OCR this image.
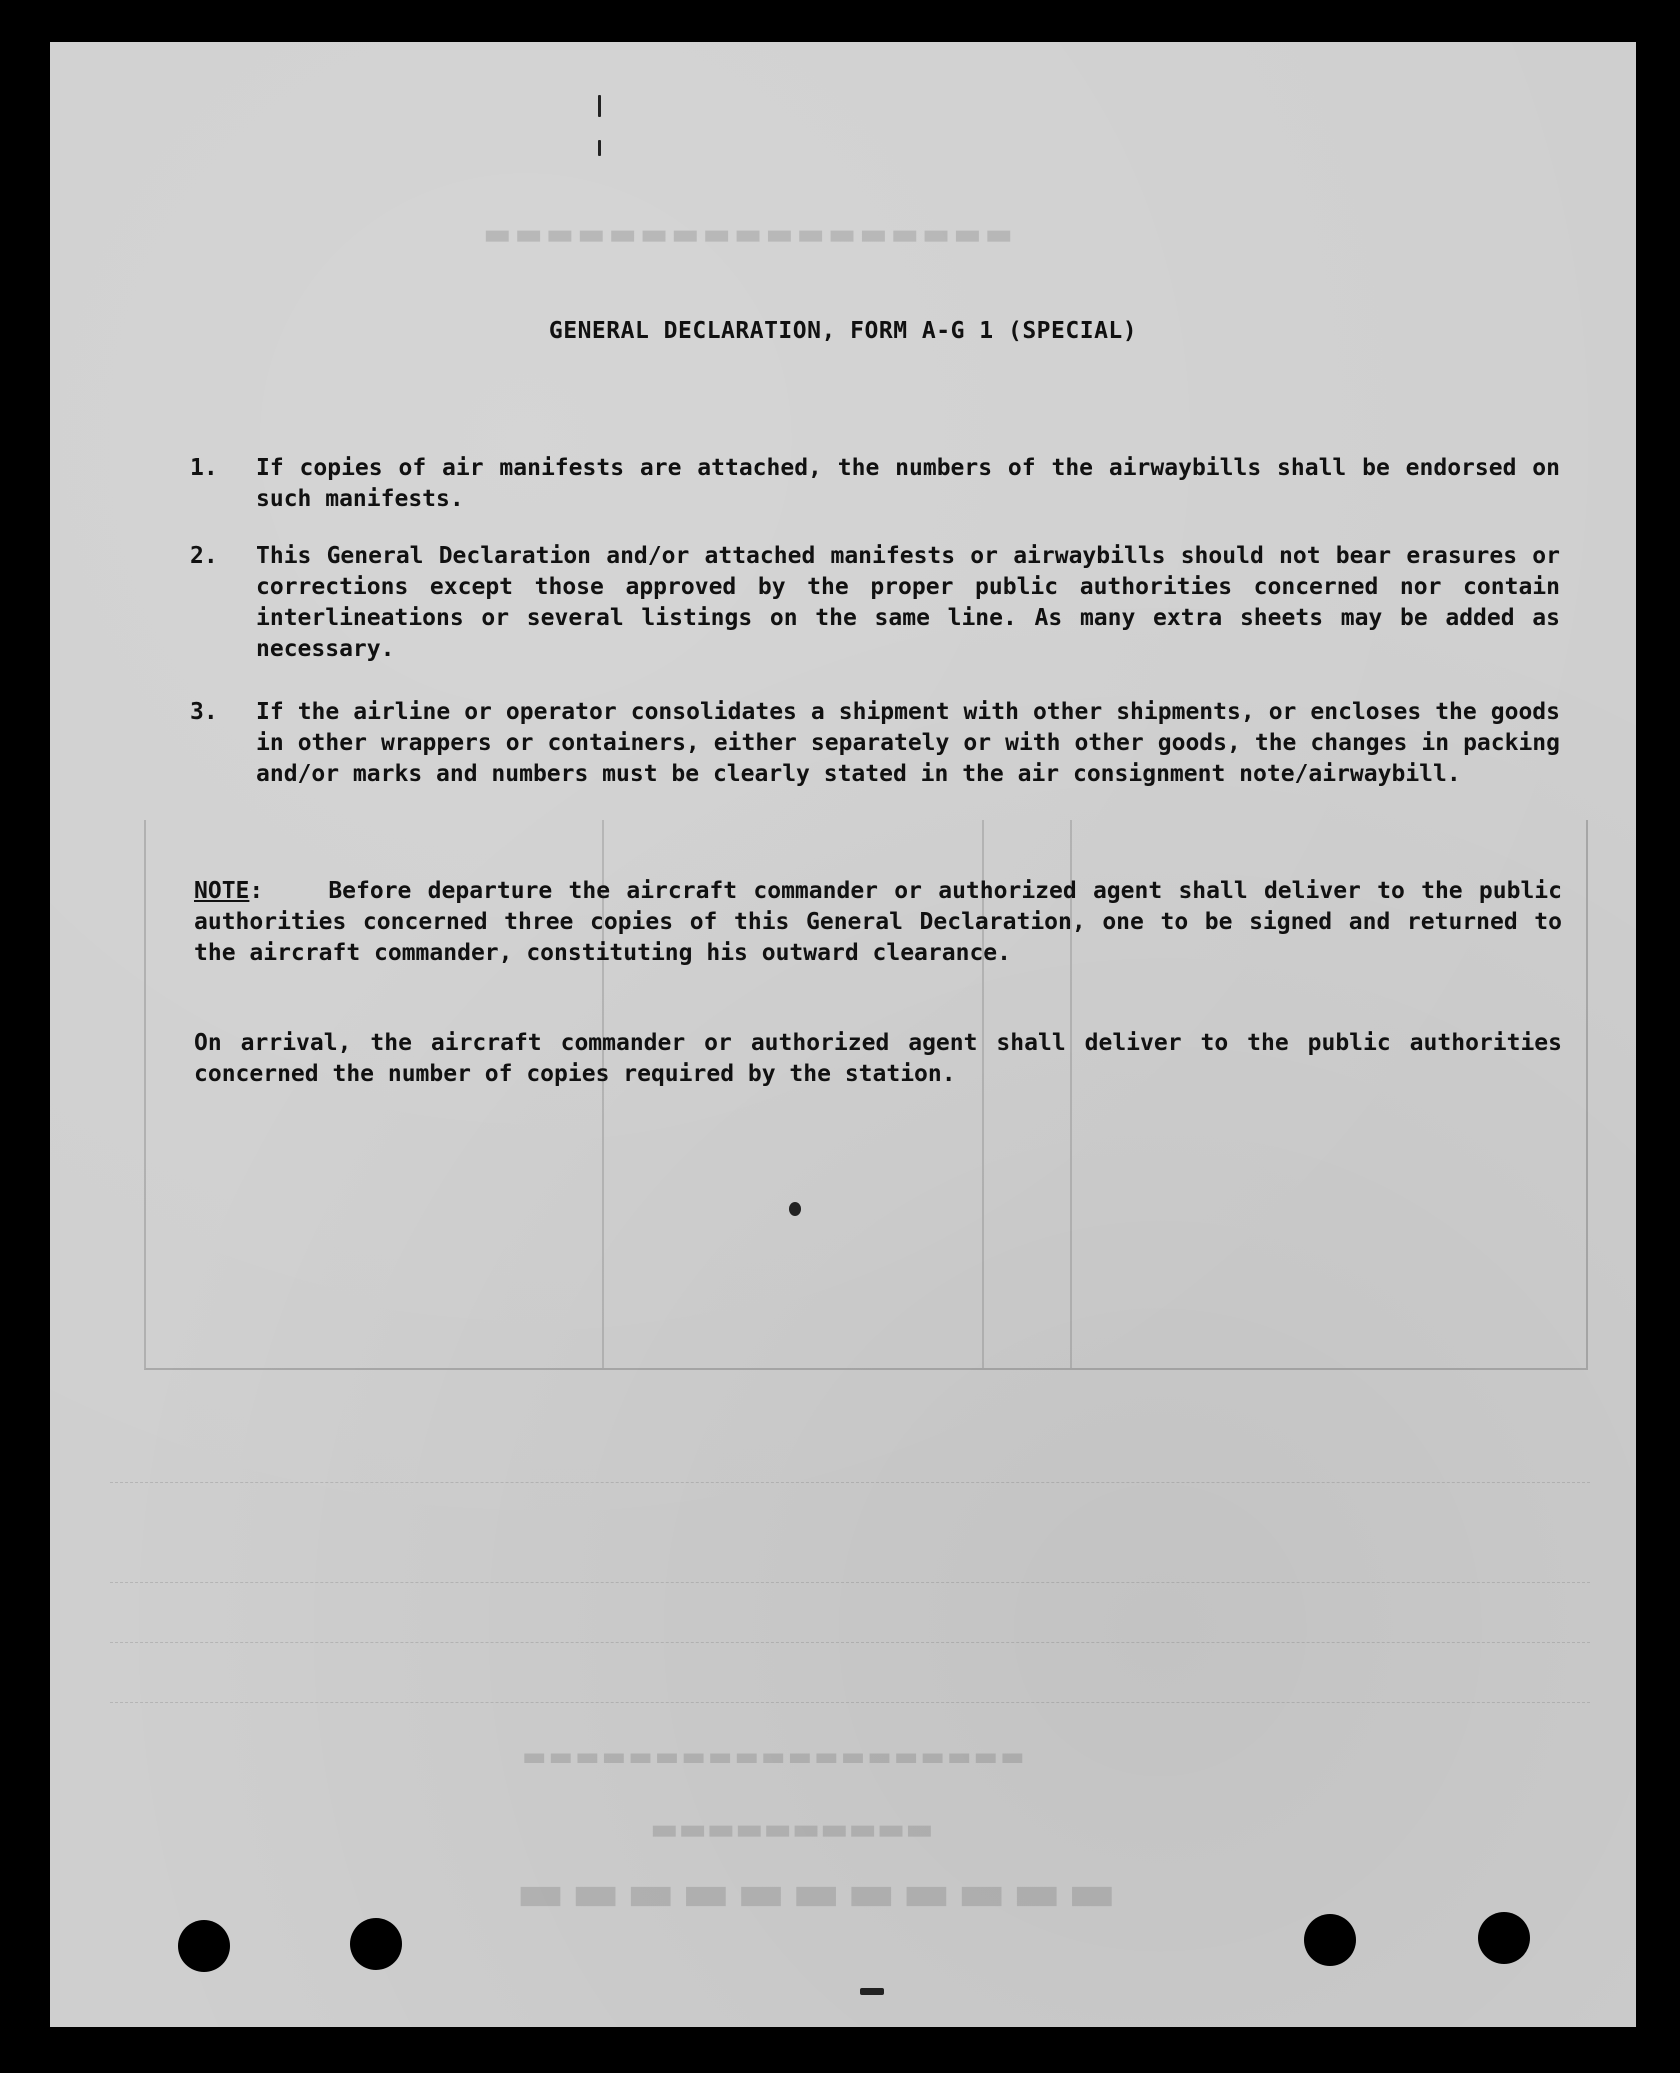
▬▬▬▬▬▬▬▬▬▬▬▬▬▬▬▬▬
▬▬▬▬▬▬▬▬▬▬▬▬▬▬▬▬▬▬▬
▬▬▬▬▬▬▬▬▬▬
▬▬▬▬▬▬▬▬▬▬▬
GENERAL DECLARATION, FORM A-G 1 (SPECIAL)
1.	If copies of air manifests are attached, the numbers of the airwaybills shall be endorsed on such manifests.
2.	This General Declaration and/or attached manifests or airwaybills should not bear erasures or corrections except those approved by the proper public authorities concerned nor contain interlineations or several listings on the same line. As many extra sheets may be added as necessary.
3.	If the airline or operator consolidates a shipment with other shipments, or encloses the goods in other wrappers or containers, either separately or with other goods, the changes in packing and/or marks and numbers must be clearly stated in the air consignment note/airwaybill.
NOTE:	Before departure the aircraft commander or authorized agent shall deliver to the public authorities concerned three copies of this General Declaration, one to be signed and returned to the aircraft commander, constituting his outward clearance.
On arrival, the aircraft commander or authorized agent shall deliver to the public authorities concerned the number of copies required by the station.
